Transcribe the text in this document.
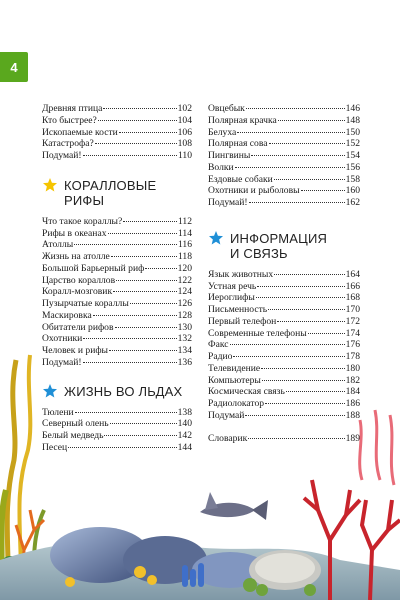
4
Древняя птица	102
Кто быстрее?	104
Ископаемые кости	106
Катастрофа?	108
Подумай!	110
КОРАЛЛОВЫЕ РИФЫ
Что такое кораллы?	112
Рифы в океанах	114
Атоллы	116
Жизнь на атолле	118
Большой Барьерный риф	120
Царство кораллов	122
Коралл-мозговик	124
Пузырчатые кораллы	126
Маскировка	128
Обитатели рифов	130
Охотники	132
Человек и рифы	134
Подумай!	136
ЖИЗНЬ ВО ЛЬДАХ
Тюлени	138
Северный олень	140
Белый медведь	142
Песец	144
Овцебык	146
Полярная крачка	148
Белуха	150
Полярная сова	152
Пингвины	154
Волки	156
Ездовые собаки	158
Охотники и рыболовы	160
Подумай!	162
ИНФОРМАЦИЯ
И СВЯЗЬ
Язык животных	164
Устная речь	166
Иероглифы	168
Письменность	170
Первый телефон	172
Современные телефоны	174
Факс	176
Радио	178
Телевидение	180
Компьютеры	182
Космическая связь	184
Радиолокатор	186
Подумай	188
Словарик	189
